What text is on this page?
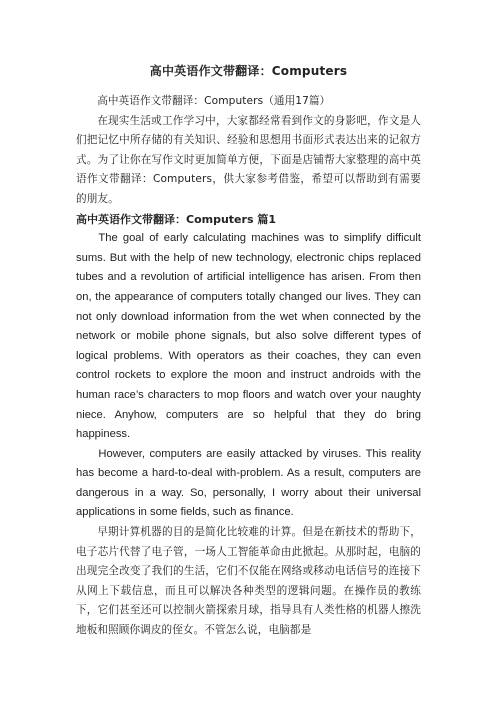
高中英语作文带翻译：Computers

高中英语作文带翻译：Computers（通用17篇）

在现实生活或工作学习中，大家都经常看到作文的身影吧，作文是人们把记忆中所存储的有关知识、经验和思想用书面形式表达出来的记叙方式。为了让你在写作文时更加简单方便，下面是店铺帮大家整理的高中英语作文带翻译：Computers，供大家参考借鉴，希望可以帮助到有需要的朋友。

高中英语作文带翻译：Computers 篇1

The goal of early calculating machines was to simplify difficult sums. But with the help of new technology, electronic chips replaced tubes and a revolution of artificial intelligence has arisen. From then on, the appearance of computers totally changed our lives. They can not only download information from the wet when connected by the network or mobile phone signals, but also solve different types of logical problems. With operators as their coaches, they can even control rockets to explore the moon and instruct androids with the human race’s characters to mop floors and watch over your naughty niece. Anyhow, computers are so helpful that they do bring happiness.

However, computers are easily attacked by viruses. This reality has become a hard-to-deal with-problem. As a result, computers are dangerous in a way. So, personally, I worry about their universal applications in some fields, such as finance.

早期计算机器的目的是简化比较难的计算。但是在新技术的帮助下，电子芯片代替了电子管，一场人工智能革命由此掀起。从那时起，电脑的出现完全改变了我们的生活，它们不仅能在网络或移动电话信号的连接下从网上下载信息，而且可以解决各种类型的逻辑问题。在操作员的教练下，它们甚至还可以控制火箭探索月球，指导具有人类性格的机器人擦洗地板和照顾你调皮的侄女。不管怎么说，电脑都是
